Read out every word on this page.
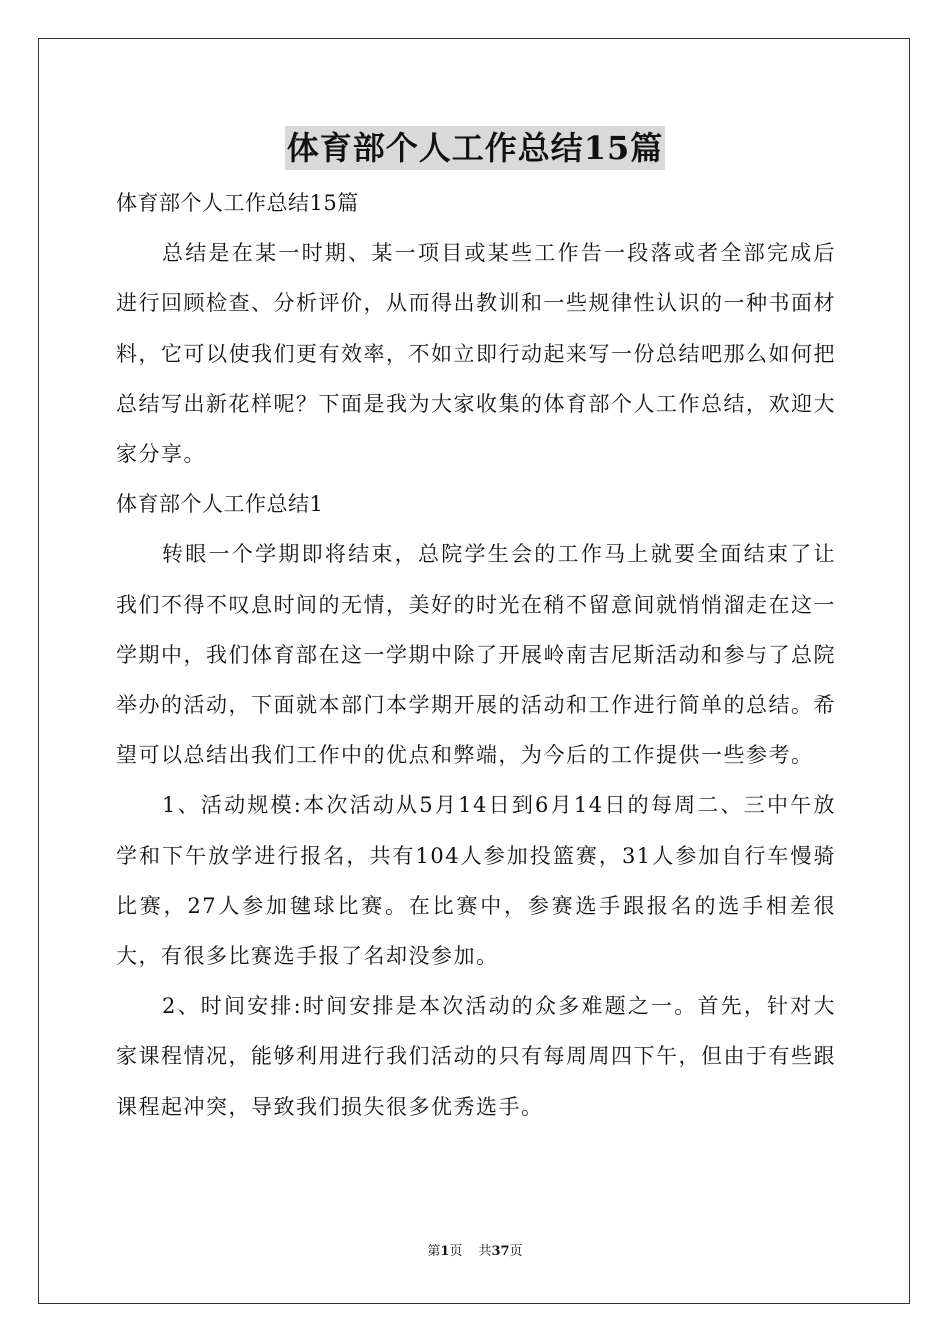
体育部个人工作总结15篇

体育部个人工作总结15篇

总结是在某一时期、某一项目或某些工作告一段落或者全部完成后进行回顾检查、分析评价，从而得出教训和一些规律性认识的一种书面材料，它可以使我们更有效率，不如立即行动起来写一份总结吧那么如何把总结写出新花样呢？下面是我为大家收集的体育部个人工作总结，欢迎大家分享。

体育部个人工作总结1

转眼一个学期即将结束，总院学生会的工作马上就要全面结束了让我们不得不叹息时间的无情，美好的时光在稍不留意间就悄悄溜走在这一学期中，我们体育部在这一学期中除了开展岭南吉尼斯活动和参与了总院举办的活动，下面就本部门本学期开展的活动和工作进行简单的总结。希望可以总结出我们工作中的优点和弊端，为今后的工作提供一些参考。

1、活动规模:本次活动从5月14日到6月14日的每周二、三中午放学和下午放学进行报名，共有104人参加投篮赛，31人参加自行车慢骑比赛，27人参加毽球比赛。在比赛中，参赛选手跟报名的选手相差很大，有很多比赛选手报了名却没参加。

2、时间安排:时间安排是本次活动的众多难题之一。首先，针对大家课程情况，能够利用进行我们活动的只有每周周四下午，但由于有些跟课程起冲突，导致我们损失很多优秀选手。

第1页 共37页
